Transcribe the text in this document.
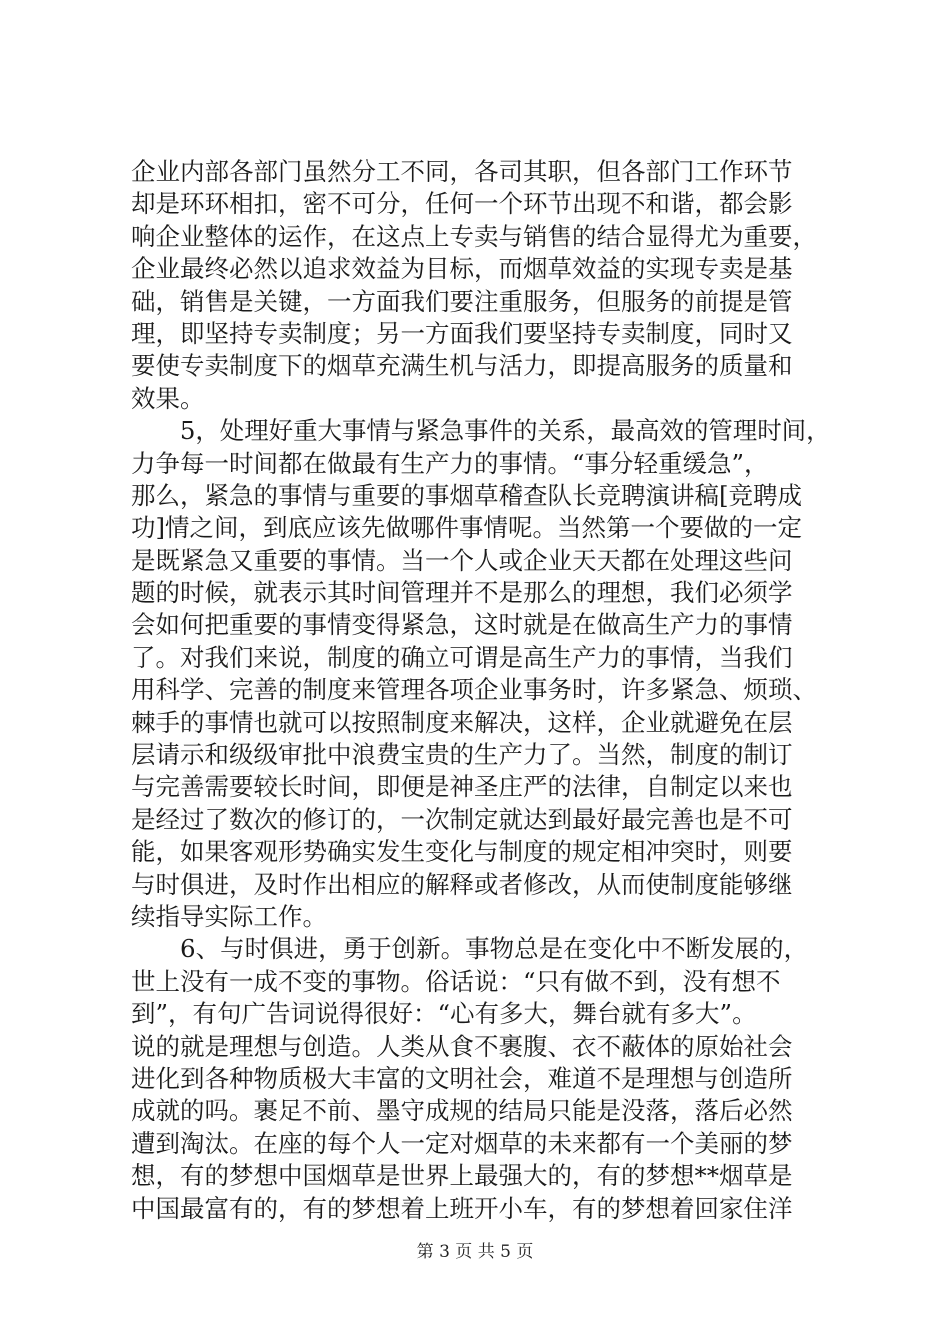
企业内部各部门虽然分工不同，各司其职，但各部门工作环节
却是环环相扣，密不可分，任何一个环节出现不和谐，都会影
响企业整体的运作，在这点上专卖与销售的结合显得尤为重要，
企业最终必然以追求效益为目标，而烟草效益的实现专卖是基
础，销售是关键，一方面我们要注重服务，但服务的前提是管
理，即坚持专卖制度；另一方面我们要坚持专卖制度，同时又
要使专卖制度下的烟草充满生机与活力，即提高服务的质量和
效果。
　　5，处理好重大事情与紧急事件的关系，最高效的管理时间，
力争每一时间都在做最有生产力的事情。“事分轻重缓急”，
那么，紧急的事情与重要的事烟草稽查队长竞聘演讲稿[竞聘成
功]情之间，到底应该先做哪件事情呢。当然第一个要做的一定
是既紧急又重要的事情。当一个人或企业天天都在处理这些问
题的时候，就表示其时间管理并不是那么的理想，我们必须学
会如何把重要的事情变得紧急，这时就是在做高生产力的事情
了。对我们来说，制度的确立可谓是高生产力的事情，当我们
用科学、完善的制度来管理各项企业事务时，许多紧急、烦琐、
棘手的事情也就可以按照制度来解决，这样，企业就避免在层
层请示和级级审批中浪费宝贵的生产力了。当然，制度的制订
与完善需要较长时间，即便是神圣庄严的法律，自制定以来也
是经过了数次的修订的，一次制定就达到最好最完善也是不可
能，如果客观形势确实发生变化与制度的规定相冲突时，则要
与时俱进，及时作出相应的解释或者修改，从而使制度能够继
续指导实际工作。
　　6、与时俱进，勇于创新。事物总是在变化中不断发展的，
世上没有一成不变的事物。俗话说：“只有做不到，没有想不
到”，有句广告词说得很好：“心有多大，舞台就有多大”。
说的就是理想与创造。人类从食不裹腹、衣不蔽体的原始社会
进化到各种物质极大丰富的文明社会，难道不是理想与创造所
成就的吗。裹足不前、墨守成规的结局只能是没落，落后必然
遭到淘汰。在座的每个人一定对烟草的未来都有一个美丽的梦
想，有的梦想中国烟草是世界上最强大的，有的梦想**烟草是
中国最富有的，有的梦想着上班开小车，有的梦想着回家住洋
第 3 页 共 5 页
